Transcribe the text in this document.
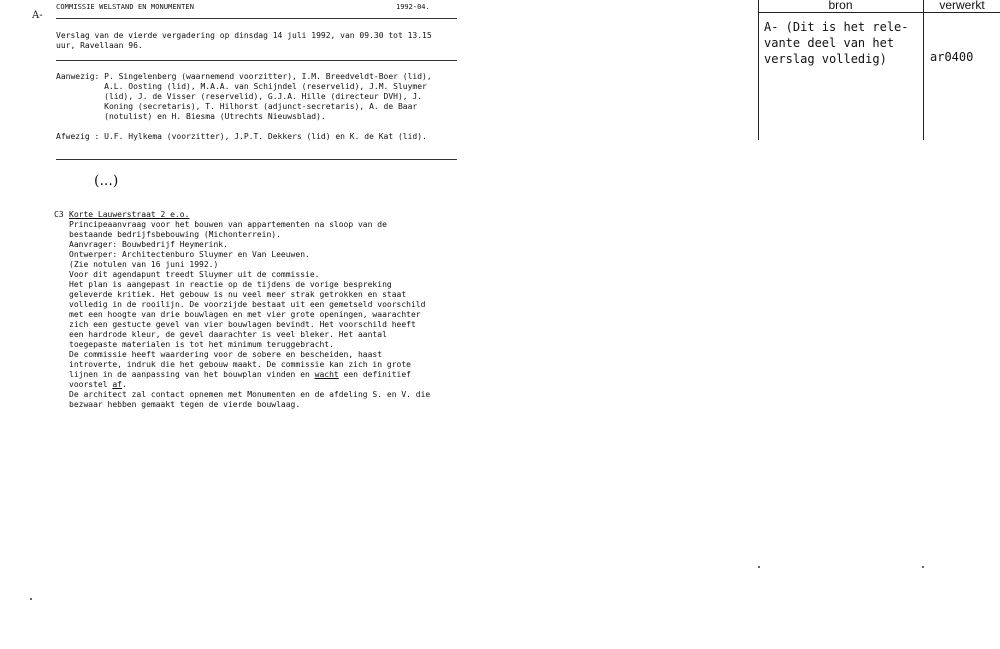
A-
COMMISSIE WELSTAND EN MONUMENTEN	1992-04.
Verslag van de vierde vergadering op dinsdag 14 juli 1992, van 09.30 tot 13.15
uur, Ravellaan 96.
Aanwezig: P. Singelenberg (waarnemend voorzitter), I.M. Breedveldt-Boer (lid),
A.L. Oosting (lid), M.A.A. van Schijndel (reservelid), J.M. Sluymer
(lid), J. de Visser (reservelid), G.J.A. Hille (directeur DVH), J.
Koning (secretaris), T. Hilhorst (adjunct-secretaris), A. de Baar
(notulist) en H. Biesma (Utrechts Nieuwsblad).
Afwezig : U.F. Hylkema (voorzitter), J.P.T. Dekkers (lid) en K. de Kat (lid).
(...)
C3 Korte Lauwerstraat 2 e.o.
Principeaanvraag voor het bouwen van appartementen na sloop van de
bestaande bedrijfsbebouwing (Michonterrein).
Aanvrager: Bouwbedrijf Heymerink.
Ontwerper: Architectenburo Sluymer en Van Leeuwen.
(Zie notulen van 16 juni 1992.)
Voor dit agendapunt treedt Sluymer uit de commissie.
Het plan is aangepast in reactie op de tijdens de vorige bespreking
geleverde kritiek. Het gebouw is nu veel meer strak getrokken en staat
volledig in de rooilijn. De voorzijde bestaat uit een gemetseld voorschild
met een hoogte van drie bouwlagen en met vier grote openingen, waarachter
zich een gestucte gevel van vier bouwlagen bevindt. Het voorschild heeft
een hardrode kleur, de gevel daarachter is veel bleker. Het aantal
toegepaste materialen is tot het minimum teruggebracht.
De commissie heeft waardering voor de sobere en bescheiden, haast
introverte, indruk die het gebouw maakt. De commissie kan zich in grote
lijnen in de aanpassing van het bouwplan vinden en wacht een definitief
voorstel af.
De architect zal contact opnemen met Monumenten en de afdeling S. en V. die
bezwaar hebben gemaakt tegen de vierde bouwlaag.
bron	verwerkt
A- (Dit is het rele-
vante deel van het
verslag volledig)	ar0400
